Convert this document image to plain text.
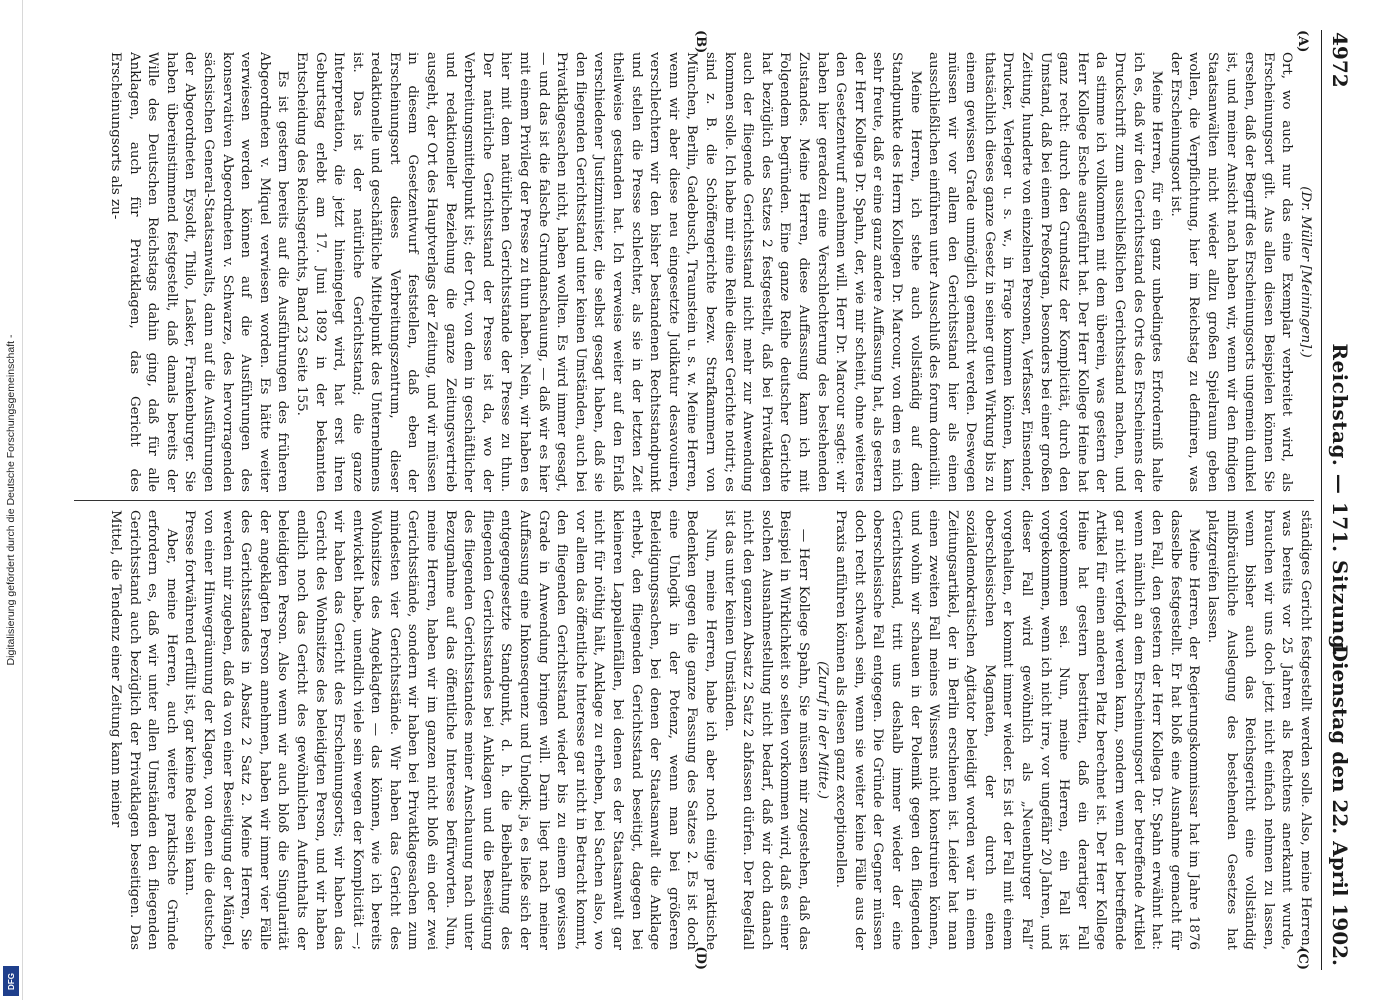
Digitalisierung gefördert durch die Deutsche Forschungsgemeinschaft -
DFG
4972
Reichstag. — 171. Sitzung.
Dienstag den 22. April 1902.
(A)
(B)
(C)
(D)

(Dr. Müller [Meiningen].)

Ort, wo auch nur das eine Exemplar verbreitet wird, als Erscheinungsort gilt. Aus allen diesen Beispielen können Sie ersehen, daß der Begriff des Erscheinungsorts ungemein dunkel ist, und meiner Ansicht nach haben wir, wenn wir den findigen Staatsanwälten nicht wieder allzu großen Spielraum geben wollen, die Verpflichtung, hier im Reichstag zu definiren, was der Erscheinungsort ist.

Meine Herren, für ein ganz unbedingtes Erforderniß halte ich es, daß wir den Gerichtsstand des Orts des Erscheinens der Druckschrift zum ausschließlichen Gerichtsstand machen, und da stimme ich vollkommen mit dem überein, was gestern der Herr Kollege Esche ausgeführt hat. Der Herr Kollege Heine hat ganz recht: durch den Grundsatz der Komplicität, durch den Umstand, daß bei einem Preßorgan, besonders bei einer großen Zeitung, hunderte von einzelnen Personen, Verfasser, Einsender, Drucker, Verleger u. s. w., in Frage kommen können, kann thatsächlich dieses ganze Gesetz in seiner guten Wirkung bis zu einem gewissen Grade unmöglich gemacht werden. Deswegen müssen wir vor allem den Gerichtsstand hier als einen ausschließlichen einführen unter Ausschluß des forum domicilii.

Meine Herren, ich stehe auch vollständig auf dem Standpunkte des Herrn Kollegen Dr. Marcour, von dem es mich sehr freute, daß er eine ganz andere Auffassung hat, als gestern der Herr Kollega Dr. Spahn, der, wie mir scheint, ohne weiteres den Gesetzentwurf annehmen will. Herr Dr. Marcour sagte: wir haben hier geradezu eine Verschlechterung des bestehenden Zustandes. Meine Herren, diese Auffassung kann ich mit Folgendem begründen. Eine ganze Reihe deutscher Gerichte hat bezüglich des Satzes 2 festgestellt, daß bei Privatklagen auch der fliegende Gerichtsstand nicht mehr zur Anwendung kommen solle. Ich habe mir eine Reihe dieser Gerichte notirt; es sind z. B. die Schöffengerichte bezw. Strafkammern von München, Berlin, Gadebusch, Traunstein u. s. w. Meine Herren, wenn wir aber diese neu eingesetzte Judikatur desavouiren, verschlechtern wir den bisher bestandenen Rechtsstandpunkt und stellen die Presse schlechter, als sie in der letzten Zeit theilweise gestanden hat. Ich verweise weiter auf den Erlaß verschiedener Justizminister, die selbst gesagt haben, daß sie den fliegenden Gerichtsstand unter keinen Umständen, auch bei Privatklagesachen nicht, haben wollten. Es wird immer gesagt, — und das ist die falsche Grundanschauung, — daß wir es hier mit einem Privileg der Presse zu thun haben. Nein, wir haben es hier mit dem natürlichen Gerichtsstande der Presse zu thun. Der natürliche Gerichtsstand der Presse ist da, wo der Verbreitungsmittelpunkt ist; der Ort, von dem in geschäftlicher und redaktioneller Beziehung die ganze Zeitungsvertrieb ausgeht, der Ort des Hauptverlags der Zeitung, und wir müssen in diesem Gesetzentwurf feststellen, daß eben der Erscheinungsort dieses Verbreitungszentrum, dieser redaktionelle und geschäftliche Mittelpunkt des Unternehmens ist. Das ist der natürliche Gerichtsstand; die ganze Interpretation, die jetzt hineingelegt wird, hat erst ihren Geburtstag erlebt am 17. Juni 1892 in der bekannten Entscheidung des Reichsgerichts, Band 23 Seite 155.

Es ist gestern bereits auf die Ausführungen des früheren Abgeordneten v. Miquel verwiesen worden. Es hätte weiter verwiesen werden können auf die Ausführungen des konservativen Abgeordneten v. Schwarze, des hervorragenden sächsischen General-Staatsanwalts, dann auf die Ausführungen der Abgeordneten Eysoldt, Thilo, Lasker, Frankenburger. Sie haben übereinstimmend festgestellt, daß damals bereits der Wille des Deutschen Reichstags dahin ging, daß für alle Anklagen, auch für Privatklagen, das Gericht des Erscheinungsorts als zu-

ständiges Gericht festgestellt werden solle. Also, meine Herren, was bereits vor 25 Jahren als Rechtens anerkannt wurde, brauchen wir uns doch jetzt nicht einfach nehmen zu lassen, wenn bisher auch das Reichsgericht eine vollständig mißbräuchliche Auslegung des bestehenden Gesetzes hat platzgreifen lassen.

Meine Herren, der Regierungskommissar hat im Jahre 1876 dasselbe festgestellt. Er hat bloß eine Ausnahme gemacht für den Fall, den gestern der Herr Kollega Dr. Spahn erwähnt hat: wenn nämlich an dem Erscheinungsort der betreffende Artikel gar nicht verfolgt werden kann, sondern wenn der betreffende Artikel für einen anderen Platz berechnet ist. Der Herr Kollege Heine hat gestern bestritten, daß ein derartiger Fall vorgekommen sei. Nun, meine Herren, ein Fall ist vorgekommen, wenn ich nicht irre, vor ungefähr 20 Jahren, und dieser Fall wird gewöhnlich als „Neuenburger Fall“ vorgehalten, er kommt immer wieder. Es ist der Fall mit einem oberschlesischen Magnaten, der durch einen sozialdemokratischen Agitator beleidigt worden war in einem Zeitungsartikel, der in Berlin erschienen ist. Leider hat man einen zweiten Fall meines Wissens nicht konstruiren können, und wohin wir schauen in der Polemik gegen den fliegenden Gerichtsstand, tritt uns deshalb immer wieder der eine oberschlesische Fall entgegen. Die Gründe der Gegner müssen doch recht schwach sein, wenn sie weiter keine Fälle aus der Praxis anführen können als diesen ganz exceptionellen.

(Zuruf in der Mitte.)

— Herr Kollege Spahn, Sie müssen mir zugestehen, daß das Beispiel in Wirklichkeit so selten vorkommen wird, daß es einer solchen Ausnahmestellung nicht bedarf, daß wir doch danach nicht den ganzen Absatz 2 Satz 2 abfassen dürfen. Der Regelfall ist das unter keinen Umständen.

Nun, meine Herren, habe ich aber noch einige praktische Bedenken gegen die ganze Fassung des Satzes 2. Es ist doch eine Unlogik in der Potenz, wenn man bei größeren Beleidigungssachen, bei denen der Staatsanwalt die Anklage erhebt, den fliegenden Gerichtsstand beseitigt, dagegen bei kleineren Lappalienfällen, bei denen es der Staatsanwalt gar nicht für nöthig hält, Anklage zu erheben, bei Sachen also, wo vor allem das öffentliche Interesse gar nicht in Betracht kommt, den fliegenden Gerichtsstand wieder bis zu einem gewissen Grade in Anwendung bringen will. Darin liegt nach meiner Auffassung eine Inkonsequenz und Unlogik; ja, es ließe sich der entgegengesetzte Standpunkt, d. h. die Beibehaltung des fliegenden Gerichtsstandes bei Anklagen und die Beseitigung des fliegenden Gerichtsstandes meiner Anschauung nach unter Bezugnahme auf das öffentliche Interesse befürworten. Nun, meine Herren, haben wir im ganzen nicht bloß ein oder zwei Gerichtsstände, sondern wir haben bei Privatklagesachen zum mindesten vier Gerichtsstände. Wir haben das Gericht des Wohnsitzes des Angeklagten — das können, wie ich bereits entwickelt habe, unendlich viele sein wegen der Komplicität —; wir haben das Gericht des Erscheinungsorts; wir haben das Gericht des Wohnsitzes des beleidigten Person, und wir haben endlich noch das Gericht des gewöhnlichen Aufenthalts der beleidigten Person. Also wenn wir auch bloß die Singularität der angeklagten Person annehmen, haben wir immer vier Fälle des Gerichtsstandes in Absatz 2 Satz 2. Meine Herren, Sie werden mir zugeben, daß da von einer Beseitigung der Mängel, von einer Hinwegräumung der Klagen, von denen die deutsche Presse fortwährend erfüllt ist, gar keine Rede sein kann.

Aber, meine Herren, auch weitere praktische Gründe erfordern es, daß wir unter allen Umständen den fliegenden Gerichtsstand auch bezüglich der Privatklagen beseitigen. Das Mittel, die Tendenz einer Zeitung kann meiner
